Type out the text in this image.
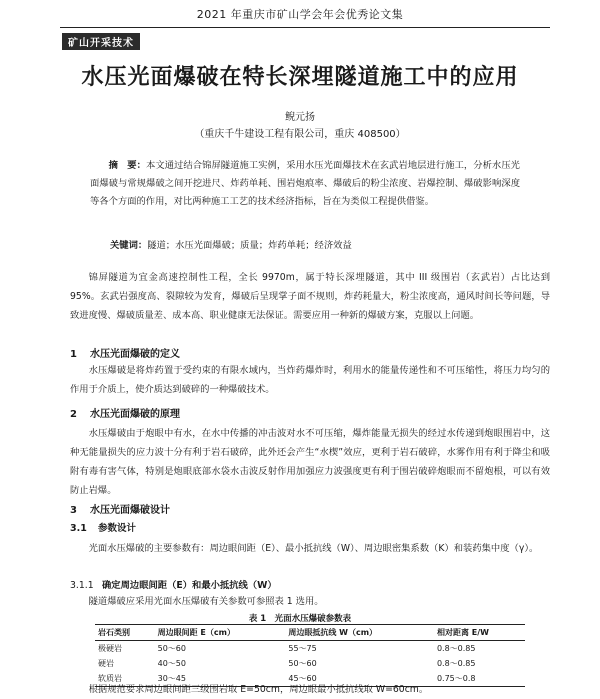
2021 年重庆市矿山学会年会优秀论文集
矿山开采技术
水压光面爆破在特长深埋隧道施工中的应用
鲵元扬
（重庆千牛建设工程有限公司，重庆 408500）
摘　要：本文通过结合锦屏隧道施工实例，采用水压光面爆技术在玄武岩地层进行施工，分析水压光面爆破与常规爆破之间开挖进尺、炸药单耗、围岩炮痕率、爆破后的粉尘浓度、岩爆控制、爆破影响深度等各个方面的作用，对比两种施工工艺的技术经济指标，旨在为类似工程提供借鉴。
关键词：隧道；水压光面爆破；质量；炸药单耗；经济效益
锦屏隧道为宜金高速控制性工程，全长 9970m，属于特长深埋隧道，其中 III 级围岩（玄武岩）占比达到 95%。玄武岩强度高、裂隙较为发育，爆破后呈现掌子面不规则，炸药耗量大，粉尘浓度高，通风时间长等问题，导致进度慢、爆破质量差、成本高、职业健康无法保证。需要应用一种新的爆破方案，克服以上问题。
1 水压光面爆破的定义
水压爆破是将炸药置于受约束的有限水域内，当炸药爆炸时，利用水的能量传递性和不可压缩性，将压力均匀的作用于介质上，使介质达到破碎的一种爆破技术。
2 水压光面爆破的原理
水压爆破由于炮眼中有水，在水中传播的冲击波对水不可压缩，爆炸能量无损失的经过水传递到炮眼围岩中，这种无能量损失的应力波十分有利于岩石破碎，此外还会产生“水楔”效应，更利于岩石破碎，水雾作用有利于降尘和吸附有毒有害气体，特别是炮眼底部水袋水击波反射作用加强应力波强度更有利于围岩破碎炮眼而不留炮根，可以有效防止岩爆。
3 水压光面爆破设计
3.1 参数设计
光面水压爆破的主要参数有：周边眼间距（E）、最小抵抗线（W）、周边眼密集系数（K）和装药集中度（γ）。
3.1.1 确定周边眼间距（E）和最小抵抗线（W）
隧道爆破应采用光面水压爆破有关参数可参照表 1 选用。
表 1　光面水压爆破参数表
岩石类别	周边眼间距 E（cm）	周边眼抵抗线 W（cm）	相对距离 E/W
极硬岩	50～60	55～75	0.8～0.85
硬岩	40～50	50～60	0.8～0.85
软质岩	30～45	45～60	0.75～0.8
根据规范要求周边眼间距三级围岩取 E=50cm，周边眼最小抵抗线取 W=60cm。
